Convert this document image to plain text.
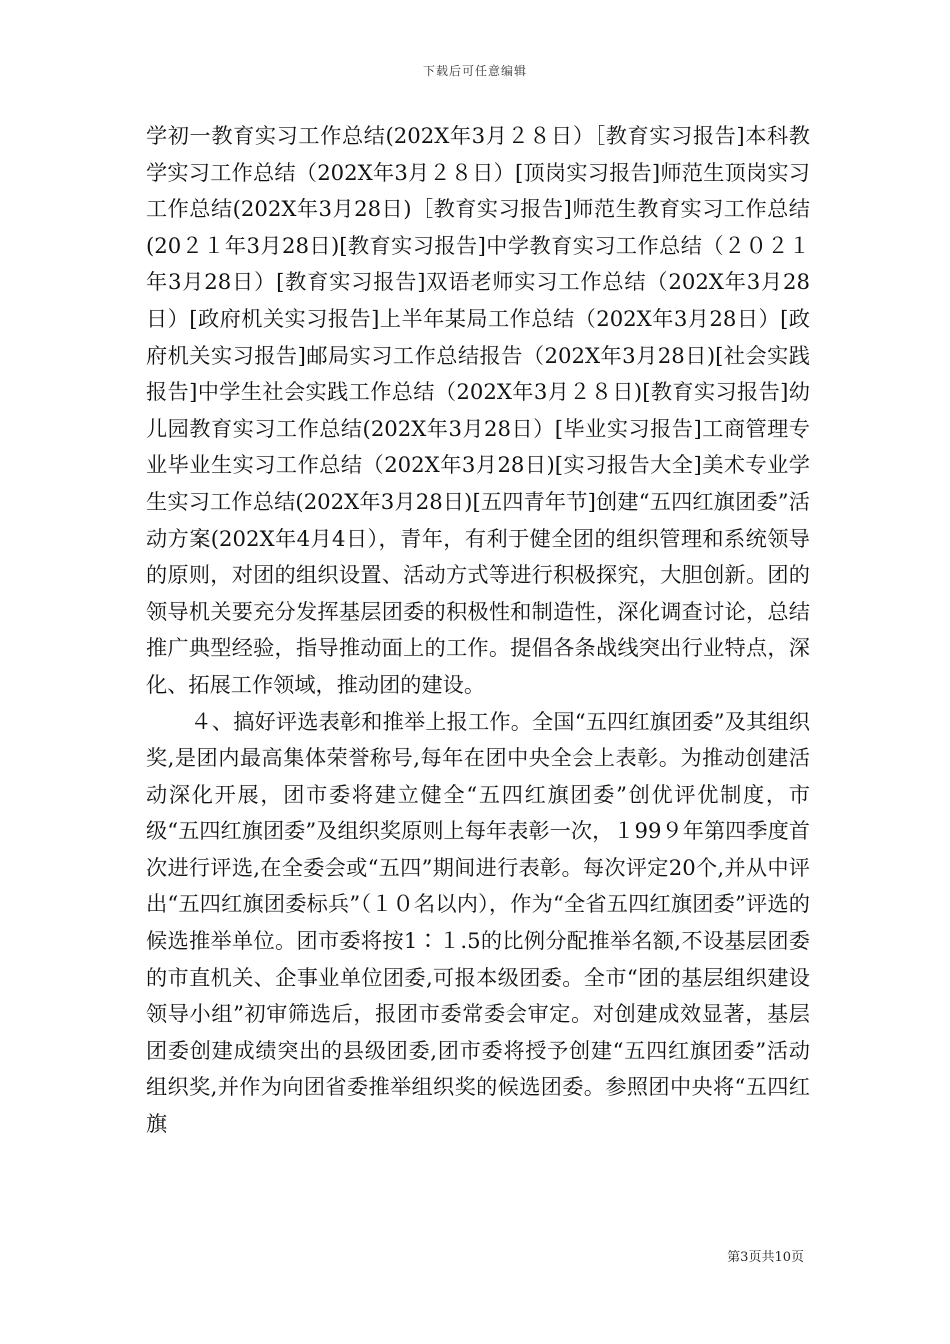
下载后可任意编辑

学初一教育实习工作总结(202X年3月２８日）［教育实习报告]本科教学实习工作总结（202X年3月２８日）[顶岗实习报告]师范生顶岗实习工作总结(202X年3月28日)［教育实习报告]师范生教育实习工作总结(20２１年3月28日)[教育实习报告]中学教育实习工作总结（２０２１年3月28日）[教育实习报告]双语老师实习工作总结（202X年3月28日）[政府机关实习报告]上半年某局工作总结（202X年3月28日）[政府机关实习报告]邮局实习工作总结报告（202X年3月28日)[社会实践报告]中学生社会实践工作总结（202X年3月２８日)[教育实习报告]幼儿园教育实习工作总结(202X年3月28日）[毕业实习报告]工商管理专业毕业生实习工作总结（202X年3月28日)[实习报告大全]美术专业学生实习工作总结(202X年3月28日)[五四青年节]创建“五四红旗团委”活动方案(202X年4月4日），青年，有利于健全团的组织管理和系统领导的原则，对团的组织设置、活动方式等进行积极探究，大胆创新。团的领导机关要充分发挥基层团委的积极性和制造性，深化调查讨论，总结推广典型经验，指导推动面上的工作。提倡各条战线突出行业特点，深化、拓展工作领域，推动团的建设。

４、搞好评选表彰和推举上报工作。全国“五四红旗团委”及其组织奖,是团内最高集体荣誉称号,每年在团中央全会上表彰。为推动创建活动深化开展，团市委将建立健全“五四红旗团委”创优评优制度，市级“五四红旗团委”及组织奖原则上每年表彰一次，１99９年第四季度首次进行评选,在全委会或“五四”期间进行表彰。每次评定20个,并从中评出“五四红旗团委标兵”（１０名以内），作为“全省五四红旗团委”评选的候选推举单位。团市委将按1∶１.5的比例分配推举名额,不设基层团委的市直机关、企事业单位团委,可报本级团委。全市“团的基层组织建设领导小组”初审筛选后，报团市委常委会审定。对创建成效显著，基层团委创建成绩突出的县级团委,团市委将授予创建“五四红旗团委”活动组织奖,并作为向团省委推举组织奖的候选团委。参照团中央将“五四红旗

第3页共10页
